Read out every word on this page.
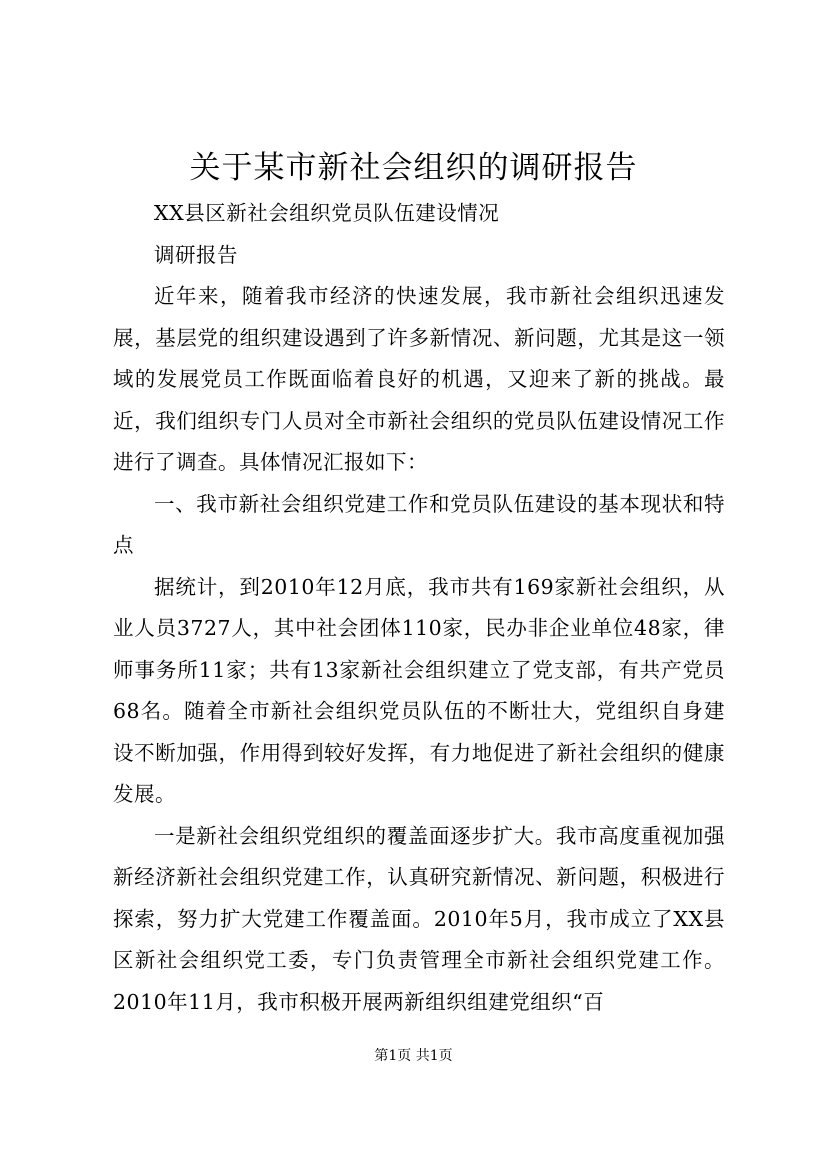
关于某市新社会组织的调研报告

XX县区新社会组织党员队伍建设情况

调研报告

近年来，随着我市经济的快速发展，我市新社会组织迅速发展，基层党的组织建设遇到了许多新情况、新问题，尤其是这一领域的发展党员工作既面临着良好的机遇，又迎来了新的挑战。最近，我们组织专门人员对全市新社会组织的党员队伍建设情况工作进行了调查。具体情况汇报如下：

一、我市新社会组织党建工作和党员队伍建设的基本现状和特点

据统计，到2010年12月底，我市共有169家新社会组织，从业人员3727人，其中社会团体110家，民办非企业单位48家，律师事务所11家；共有13家新社会组织建立了党支部，有共产党员68名。随着全市新社会组织党员队伍的不断壮大，党组织自身建设不断加强，作用得到较好发挥，有力地促进了新社会组织的健康发展。

一是新社会组织党组织的覆盖面逐步扩大。我市高度重视加强新经济新社会组织党建工作，认真研究新情况、新问题，积极进行探索，努力扩大党建工作覆盖面。2010年5月，我市成立了XX县区新社会组织党工委，专门负责管理全市新社会组织党建工作。2010年11月，我市积极开展两新组织组建党组织“百

第1页 共1页
